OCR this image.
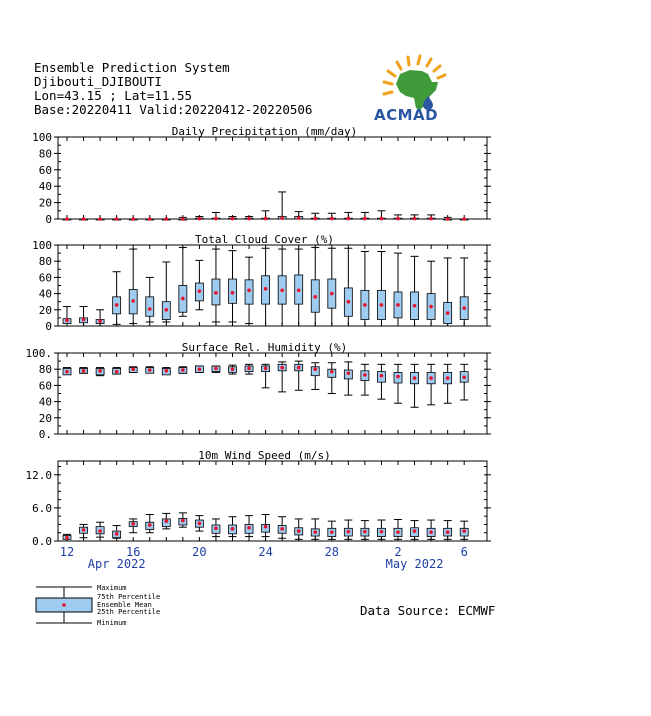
Ensemble Prediction System
Djibouti_DJIBOUTI
Lon=43.15 ; Lat=11.55
Base:20220411 Valid:20220412-20220506	ACMAD
Daily Precipitation (mm/day)
0
20
40
60
80
100
Total Cloud Cover (%)
0
20
40
60
80
100
Surface Rel. Humidity (%)
0.
20
40
60
80
100.
10m Wind Speed (m/s)
0.0
6.0
12.0
12	16	20	24	28	2	6
Apr 2022	May 2022
Maximum
75th Percentile
Ensemble Mean
25th Percentile
Minimum
Data Source: ECMWF
